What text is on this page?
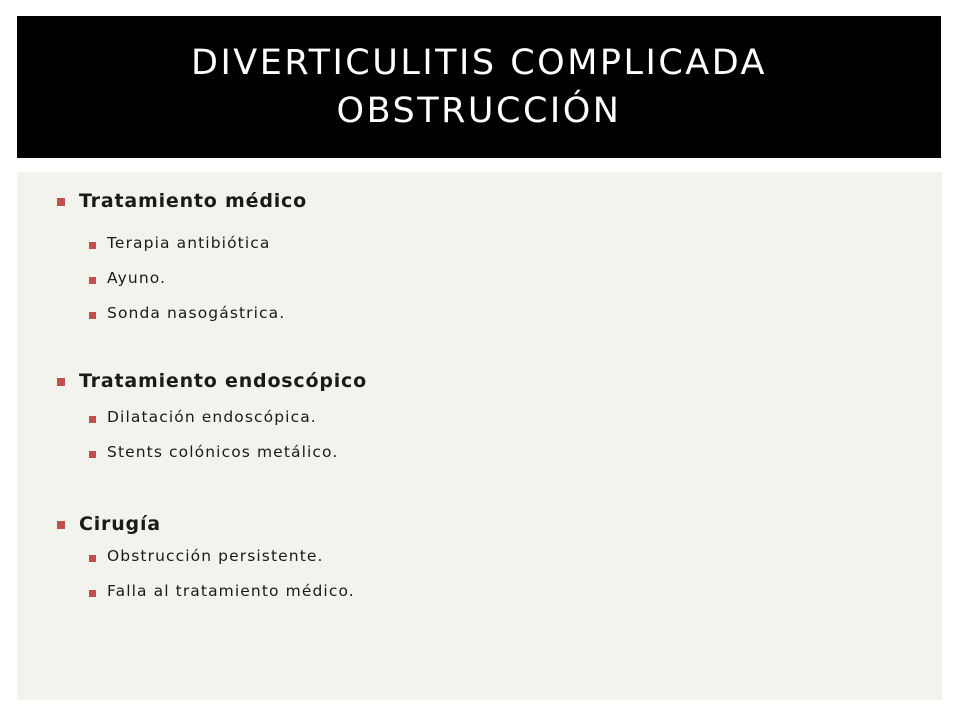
DIVERTICULITIS COMPLICADA
OBSTRUCCIÓN
Tratamiento médico
Terapia antibiótica
Ayuno.
Sonda nasogástrica.
Tratamiento endoscópico
Dilatación endoscópica.
Stents colónicos metálico.
Cirugía
Obstrucción persistente.
Falla al tratamiento médico.
